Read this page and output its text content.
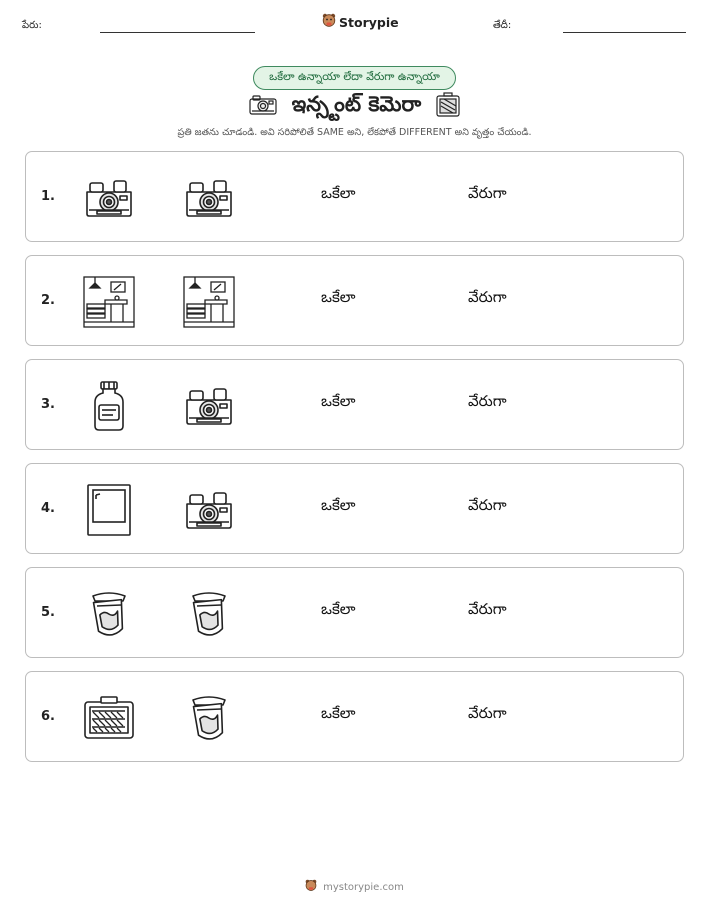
పేరు:	Storypie	తేదీ:
ఒకేలా ఉన్నాయా లేదా వేరుగా ఉన్నాయా
ఇన్స్టంట్ కెమెరా
ప్రతి జతను చూడండి. అవి సరిపోలితే SAME అని, లేకపోతే DIFFERENT అని వృత్తం చేయండి.
1.	ఒకేలా	వేరుగా
2.	ఒకేలా	వేరుగా
3.	ఒకేలా	వేరుగా
4.	ఒకేలా	వేరుగా
5.	ఒకేలా	వేరుగా
6.	ఒకేలా	వేరుగా
mystorypie.com
